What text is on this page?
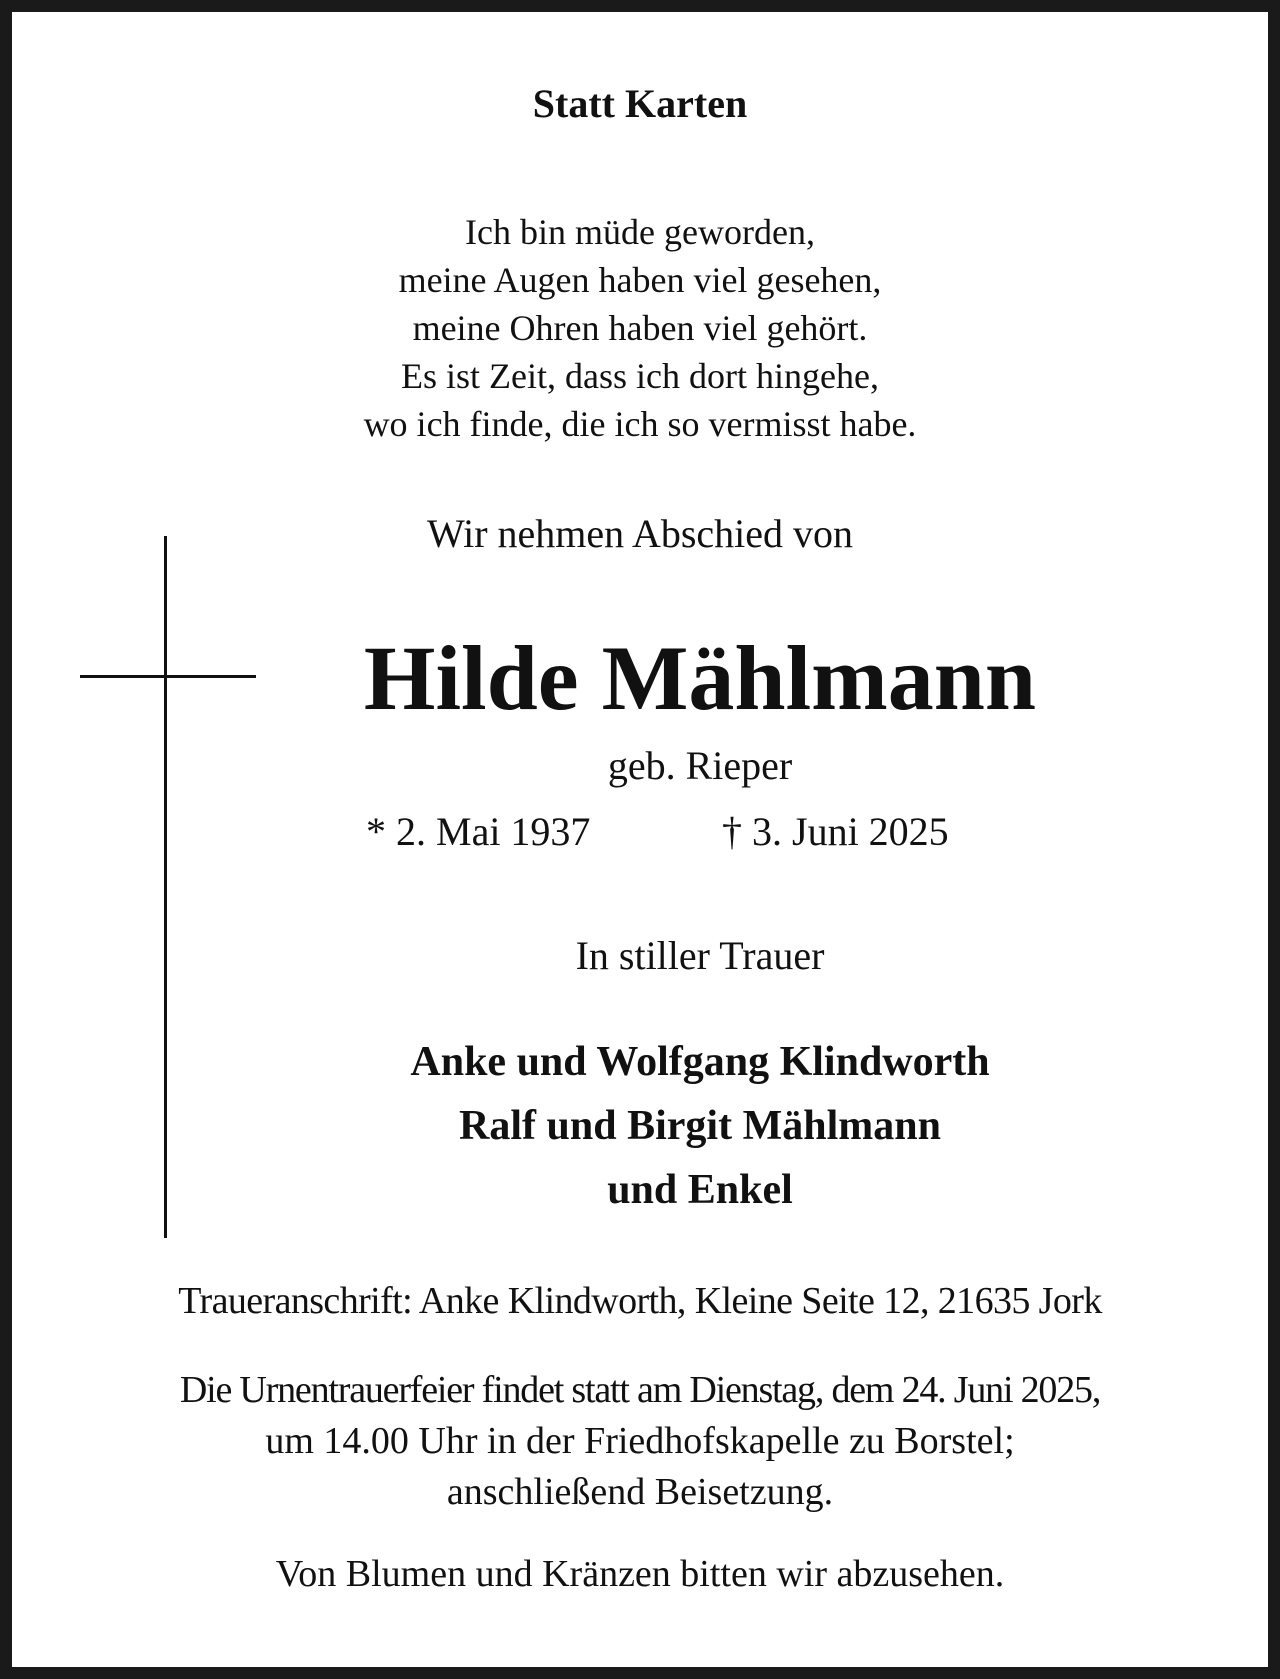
Statt Karten
Ich bin müde geworden,
meine Augen haben viel gesehen,
meine Ohren haben viel gehört.
Es ist Zeit, dass ich dort hingehe,
wo ich finde, die ich so vermisst habe.
Wir nehmen Abschied von
Hilde Mählmann
geb. Rieper
* 2. Mai 1937	† 3. Juni 2025
In stiller Trauer
Anke und Wolfgang Klindworth
Ralf und Birgit Mählmann
und Enkel
Traueranschrift: Anke Klindworth, Kleine Seite 12, 21635 Jork
Die Urnentrauerfeier findet statt am Dienstag, dem 24. Juni 2025,
um 14.00 Uhr in der Friedhofskapelle zu Borstel;
anschließend Beisetzung.
Von Blumen und Kränzen bitten wir abzusehen.
